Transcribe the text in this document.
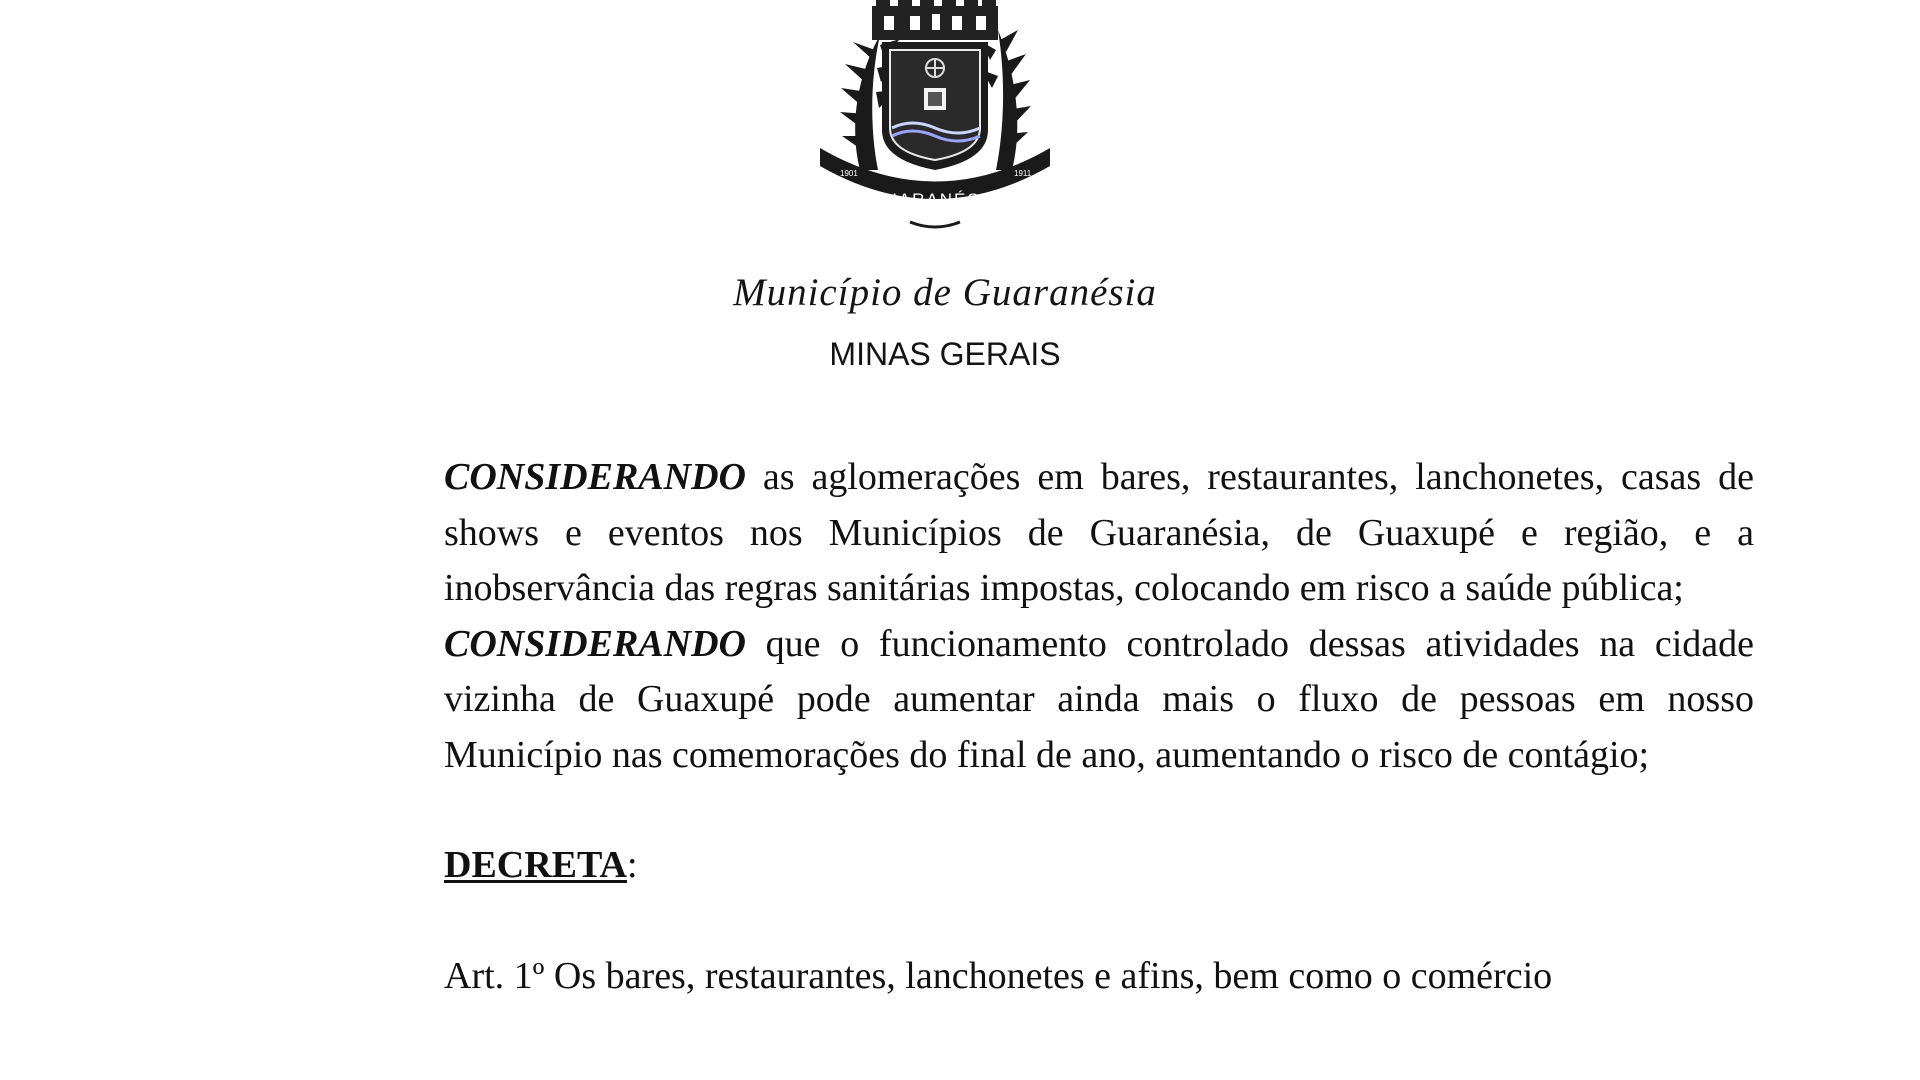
GUARANÉSIA
1901	1911
Município de Guaranésia
MINAS GERAIS

CONSIDERANDO as aglomerações em bares, restaurantes, lanchonetes, casas de shows e eventos nos Municípios de Guaranésia, de Guaxupé e região, e a inobservância das regras sanitárias impostas, colocando em risco a saúde pública;

CONSIDERANDO que o funcionamento controlado dessas atividades na cidade vizinha de Guaxupé pode aumentar ainda mais o fluxo de pessoas em nosso Município nas comemorações do final de ano, aumentando o risco de contágio;

DECRETA:

Art. 1º Os bares, restaurantes, lanchonetes e afins, bem como o comércio
